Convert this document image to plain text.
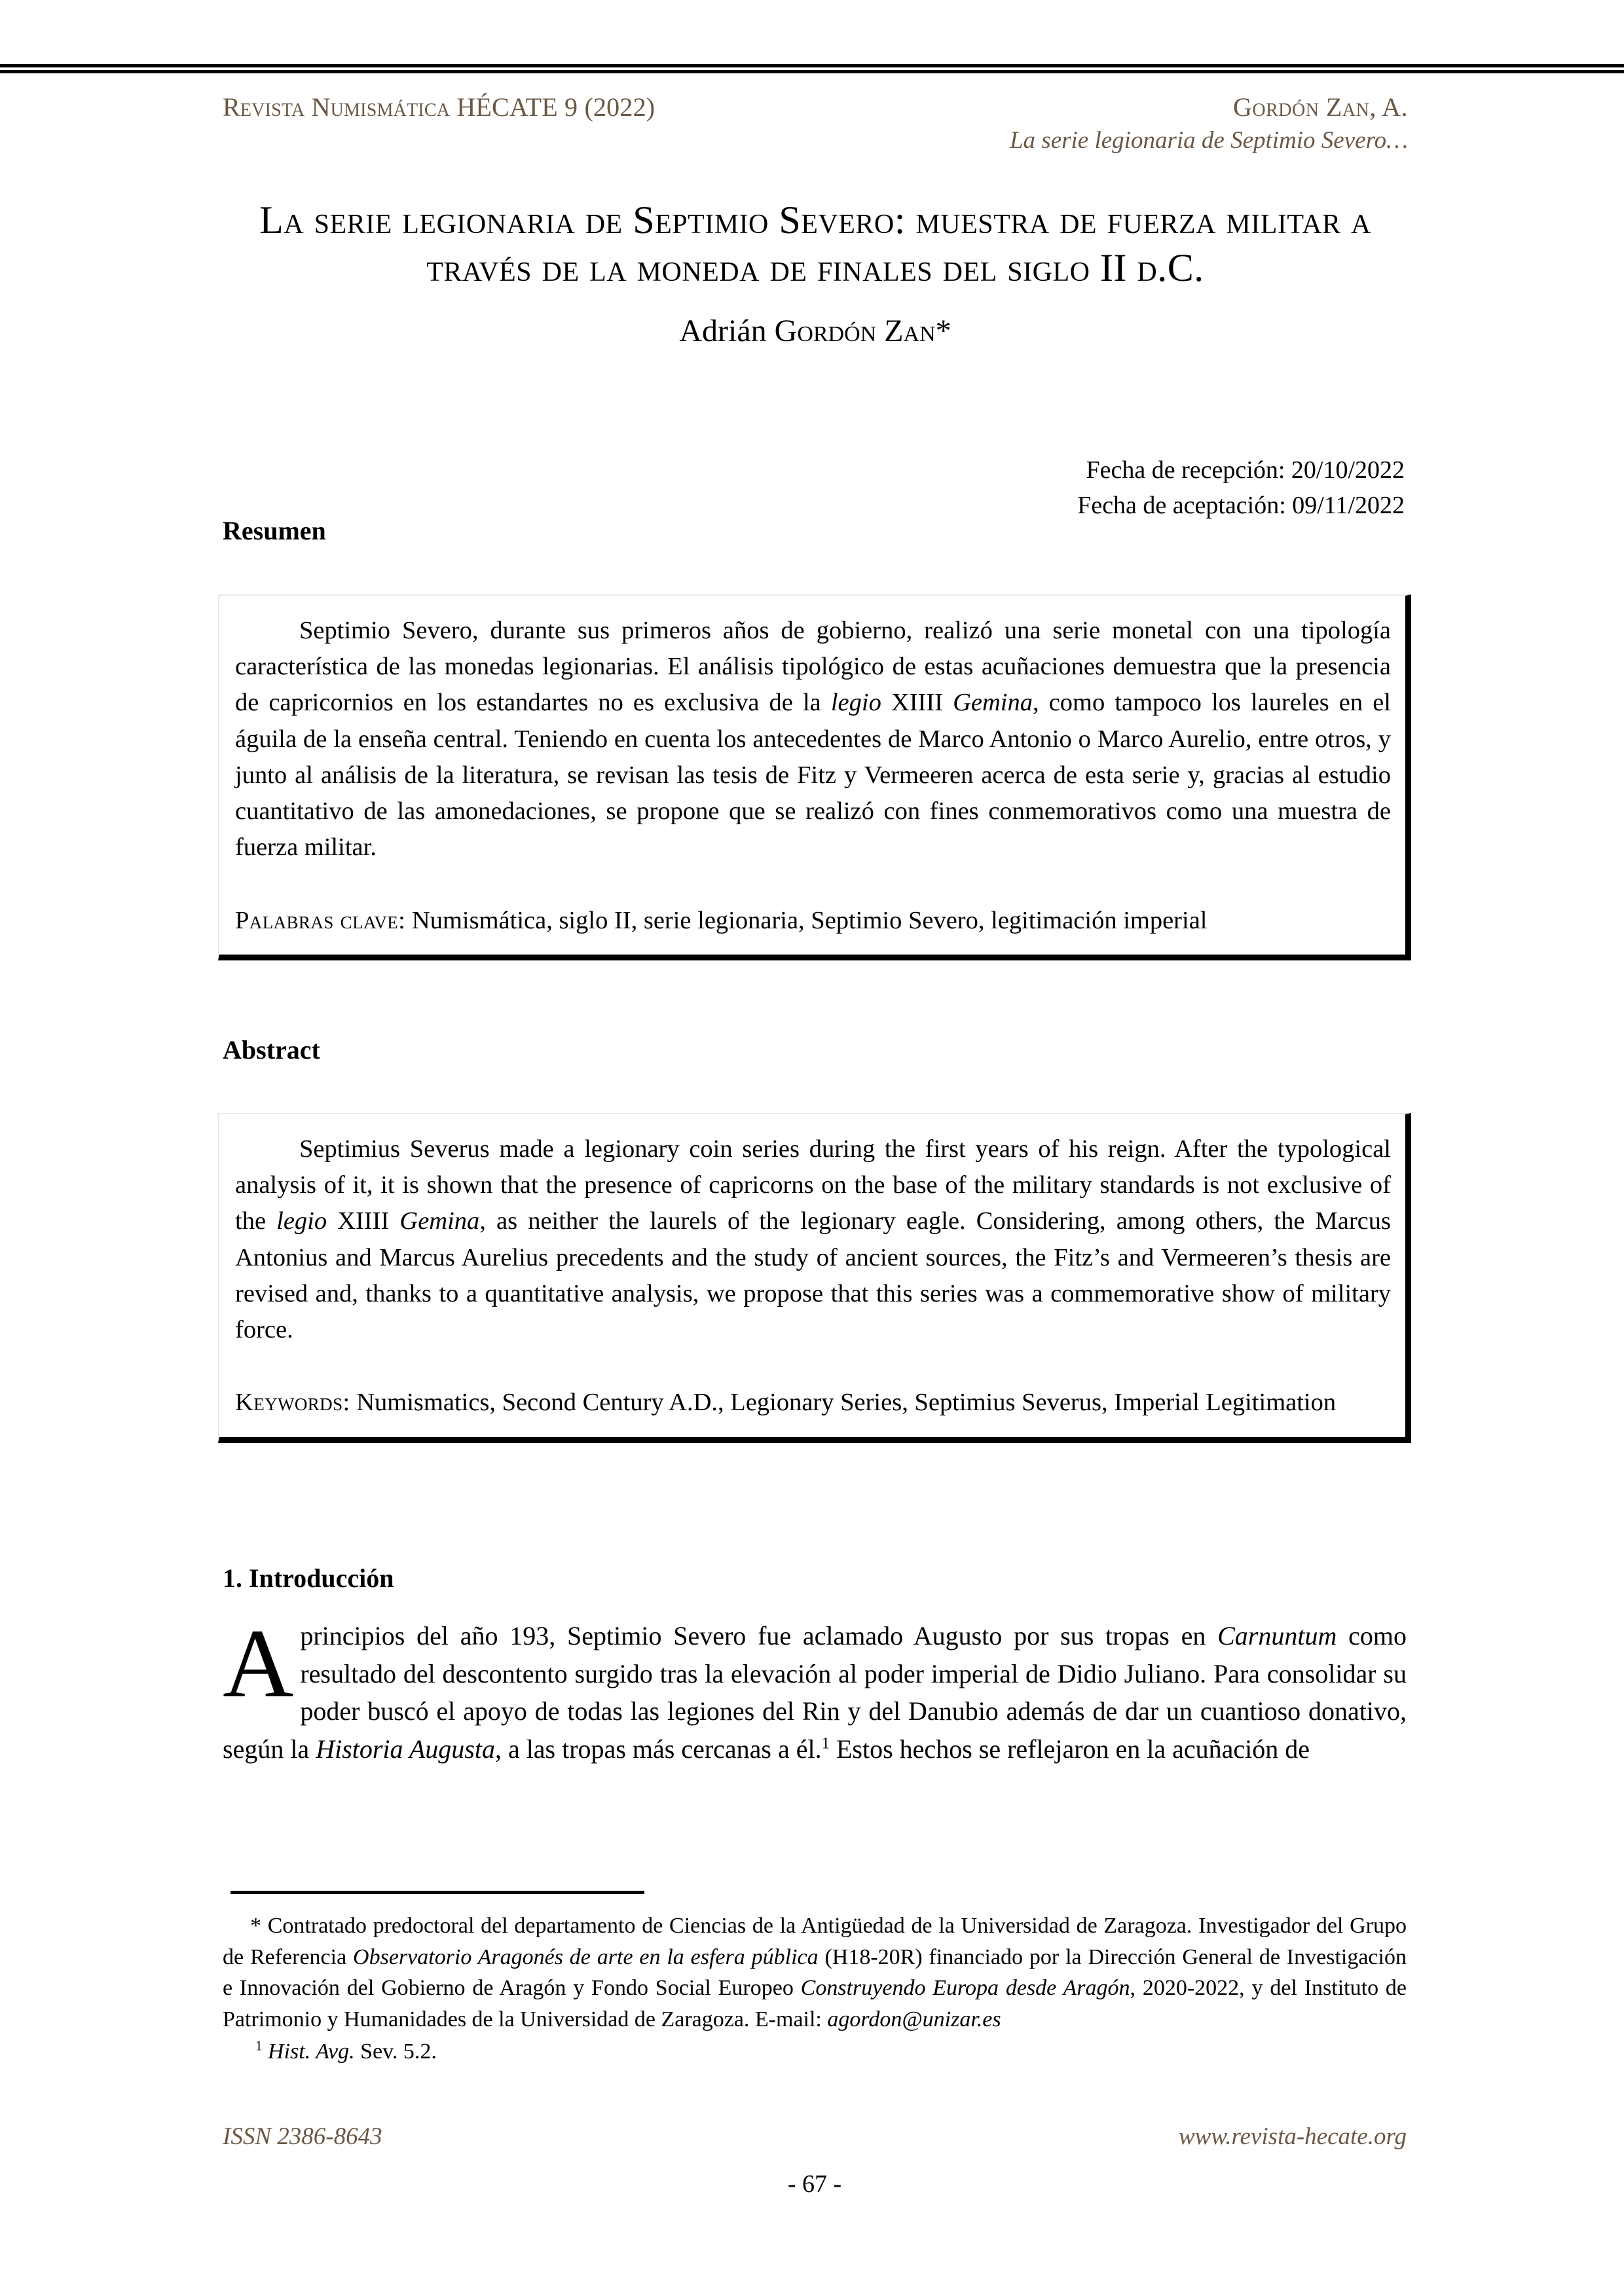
Revista Numismática HÉCATE 9 (2022)	Gordón Zan, A.
La serie legionaria de Septimio Severo…
La serie legionaria de Septimio Severo: muestra de fuerza militar a través de la moneda de finales del siglo II d.C.
Adrián Gordón Zan*
Fecha de recepción: 20/10/2022
Fecha de aceptación: 09/11/2022
Resumen

Septimio Severo, durante sus primeros años de gobierno, realizó una serie monetal con una tipología característica de las monedas legionarias. El análisis tipológico de estas acuñaciones demuestra que la presencia de capricornios en los estandartes no es exclusiva de la legio XIIII Gemina, como tampoco los laureles en el águila de la enseña central. Teniendo en cuenta los antecedentes de Marco Antonio o Marco Aurelio, entre otros, y junto al análisis de la literatura, se revisan las tesis de Fitz y Vermeeren acerca de esta serie y, gracias al estudio cuantitativo de las amonedaciones, se propone que se realizó con fines conmemorativos como una muestra de fuerza militar.

Palabras clave: Numismática, siglo II, serie legionaria, Septimio Severo, legitimación imperial

Abstract

Septimius Severus made a legionary coin series during the first years of his reign. After the typological analysis of it, it is shown that the presence of capricorns on the base of the military standards is not exclusive of the legio XIIII Gemina, as neither the laurels of the legionary eagle. Considering, among others, the Marcus Antonius and Marcus Aurelius precedents and the study of ancient sources, the Fitz’s and Vermeeren’s thesis are revised and, thanks to a quantitative analysis, we propose that this series was a commemorative show of military force.

Keywords: Numismatics, Second Century A.D., Legionary Series, Septimius Severus, Imperial Legitimation

1. Introducción

A principios del año 193, Septimio Severo fue aclamado Augusto por sus tropas en Carnuntum como resultado del descontento surgido tras la elevación al poder imperial de Didio Juliano. Para consolidar su poder buscó el apoyo de todas las legiones del Rin y del Danubio además de dar un cuantioso donativo, según la Historia Augusta, a las tropas más cercanas a él.$^1$ Estos hechos se reflejaron en la acuñación de

* Contratado predoctoral del departamento de Ciencias de la Antigüedad de la Universidad de Zaragoza. Investigador del Grupo de Referencia Observatorio Aragonés de arte en la esfera pública (H18-20R) financiado por la Dirección General de Investigación e Innovación del Gobierno de Aragón y Fondo Social Europeo Construyendo Europa desde Aragón, 2020-2022, y del Instituto de Patrimonio y Humanidades de la Universidad de Zaragoza. E-mail: agordon@unizar.es

$^1$ Hist. Avg. Sev. 5.2.

ISSN 2386-8643	www.revista-hecate.org
- 67 -
